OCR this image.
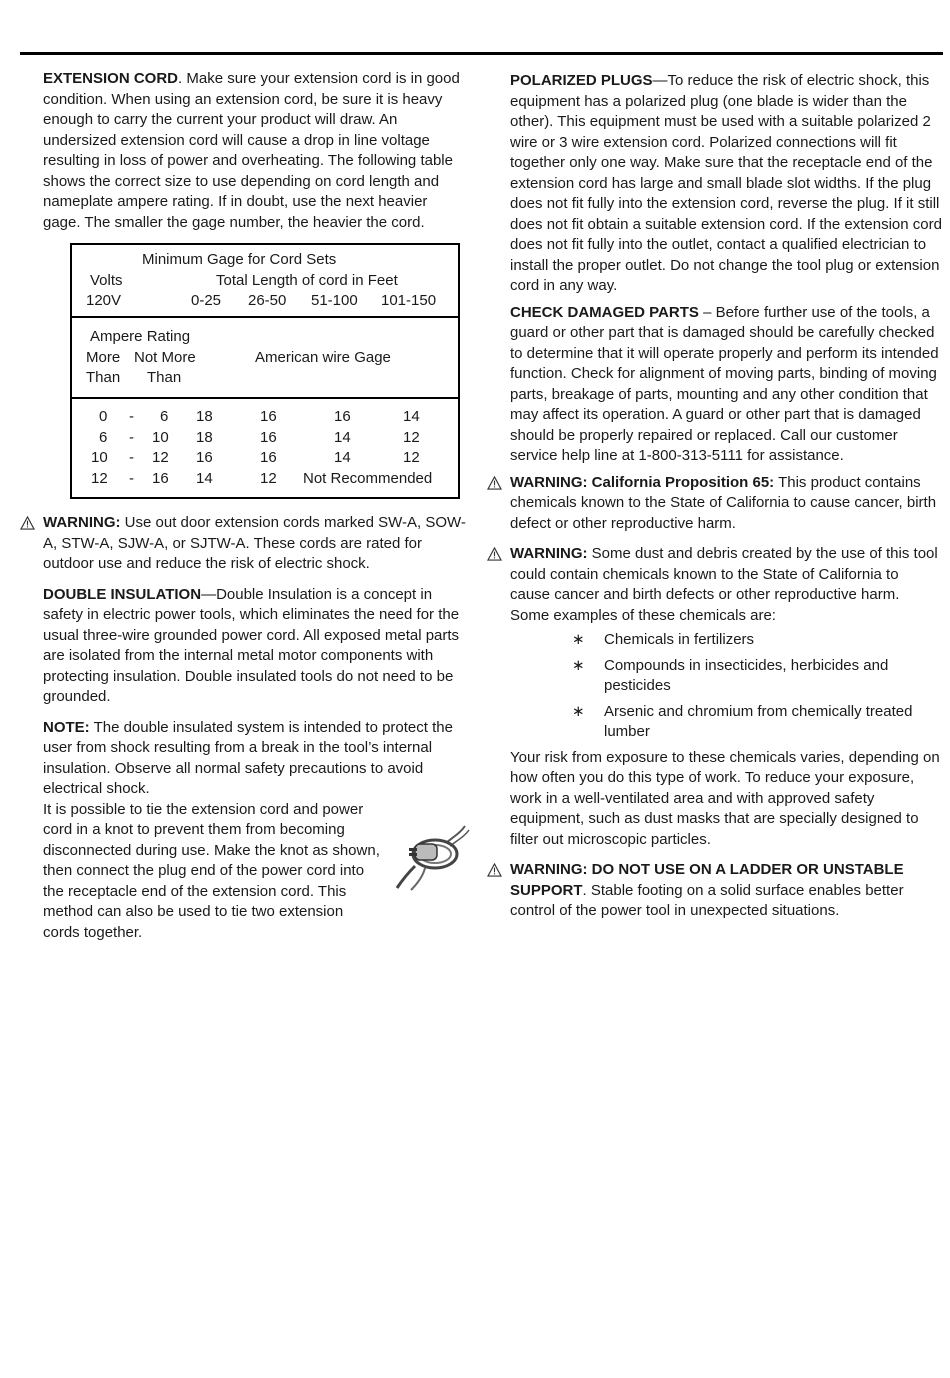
EXTENSION CORD. Make sure your extension cord is in good condition. When using an extension cord, be sure it is heavy enough to carry the current your product will draw. An undersized extension cord will cause a drop in line voltage resulting in loss of power and overheating. The following table shows the correct size to use depending on cord length and nameplate ampere rating. If in doubt, use the next heavier gage. The smaller the gage number, the heavier the cord.

Minimum Gage for Cord Sets
Volts	Total Length of cord in Feet
120V	0-25 26-50 51-100 101-150
Ampere Rating
More Not More	American wire Gage
Than Than
0 - 6 18	16	16	14
6 - 10 18	16	14	12
10 - 12 16	16	14	12
12 - 16 14	12 Not Recommended

WARNING: Use out door extension cords marked SW-A, SOW-A, STW-A, SJW-A, or SJTW-A. These cords are rated for outdoor use and reduce the risk of electric shock.

DOUBLE INSULATION—Double Insulation is a concept in safety in electric power tools, which eliminates the need for the usual three-wire grounded power cord. All exposed metal parts are isolated from the internal metal motor components with protecting insulation. Double insulated tools do not need to be grounded.

NOTE: The double insulated system is intended to protect the user from shock resulting from a break in the tool’s internal insulation. Observe all normal safety precautions to avoid electrical shock.

It is possible to tie the extension cord and power cord in a knot to prevent them from becoming disconnected during use. Make the knot as shown, then connect the plug end of the power cord into the receptacle end of the extension cord. This method can also be used to tie two extension cords together.

POLARIZED PLUGS—To reduce the risk of electric shock, this equipment has a polarized plug (one blade is wider than the other). This equipment must be used with a suitable polarized 2 wire or 3 wire extension cord. Polarized connections will fit together only one way. Make sure that the receptacle end of the extension cord has large and small blade slot widths. If the plug does not fit fully into the extension cord, reverse the plug. If it still does not fit obtain a suitable extension cord. If the extension cord does not fit fully into the outlet, contact a qualified electrician to install the proper outlet. Do not change the tool plug or extension cord in any way.

CHECK DAMAGED PARTS – Before further use of the tools, a guard or other part that is damaged should be carefully checked to determine that it will operate properly and perform its intended function. Check for alignment of moving parts, binding of moving parts, breakage of parts, mounting and any other condition that may affect its operation. A guard or other part that is damaged should be properly repaired or replaced. Call our customer service help line at 1-800-313-5111 for assistance.

WARNING: California Proposition 65: This product contains chemicals known to the State of California to cause cancer, birth defect or other reproductive harm.

WARNING: Some dust and debris created by the use of this tool could contain chemicals known to the State of California to cause cancer and birth defects or other reproductive harm. Some examples of these chemicals are:

∗ Chemicals in fertilizers
∗ Compounds in insecticides, herbicides and pesticides
∗ Arsenic and chromium from chemically treated lumber

Your risk from exposure to these chemicals varies, depending on how often you do this type of work. To reduce your exposure, work in a well-ventilated area and with approved safety equipment, such as dust masks that are specially designed to filter out microscopic particles.

WARNING: DO NOT USE ON A LADDER OR UNSTABLE SUPPORT. Stable footing on a solid surface enables better control of the power tool in unexpected situations.
